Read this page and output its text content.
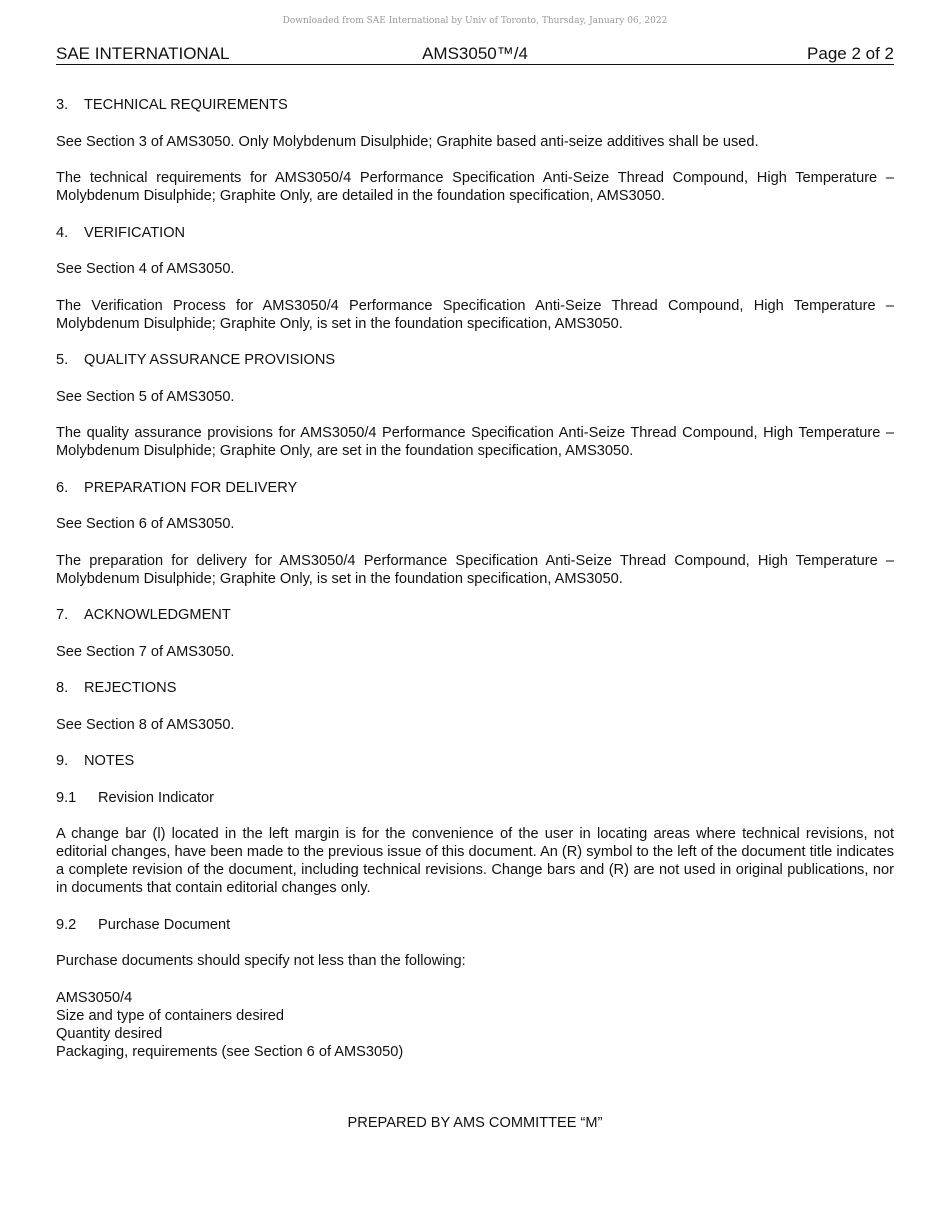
Downloaded from SAE International by Univ of Toronto, Thursday, January 06, 2022
SAE INTERNATIONAL	AMS3050™/4	Page 2 of 2
3. TECHNICAL REQUIREMENTS

See Section 3 of AMS3050. Only Molybdenum Disulphide; Graphite based anti-seize additives shall be used.

The technical requirements for AMS3050/4 Performance Specification Anti-Seize Thread Compound, High Temperature – Molybdenum Disulphide; Graphite Only, are detailed in the foundation specification, AMS3050.

4. VERIFICATION

See Section 4 of AMS3050.

The Verification Process for AMS3050/4 Performance Specification Anti-Seize Thread Compound, High Temperature – Molybdenum Disulphide; Graphite Only, is set in the foundation specification, AMS3050.

5. QUALITY ASSURANCE PROVISIONS

See Section 5 of AMS3050.

The quality assurance provisions for AMS3050/4 Performance Specification Anti-Seize Thread Compound, High Temperature – Molybdenum Disulphide; Graphite Only, are set in the foundation specification, AMS3050.

6. PREPARATION FOR DELIVERY

See Section 6 of AMS3050.

The preparation for delivery for AMS3050/4 Performance Specification Anti-Seize Thread Compound, High Temperature – Molybdenum Disulphide; Graphite Only, is set in the foundation specification, AMS3050.

7. ACKNOWLEDGMENT

See Section 7 of AMS3050.

8. REJECTIONS

See Section 8 of AMS3050.

9. NOTES
9.1 Revision Indicator

A change bar (l) located in the left margin is for the convenience of the user in locating areas where technical revisions, not editorial changes, have been made to the previous issue of this document. An (R) symbol to the left of the document title indicates a complete revision of the document, including technical revisions. Change bars and (R) are not used in original publications, nor in documents that contain editorial changes only.

9.2 Purchase Document

Purchase documents should specify not less than the following:

AMS3050/4
Size and type of containers desired
Quantity desired
Packaging, requirements (see Section 6 of AMS3050)
PREPARED BY AMS COMMITTEE “M”
